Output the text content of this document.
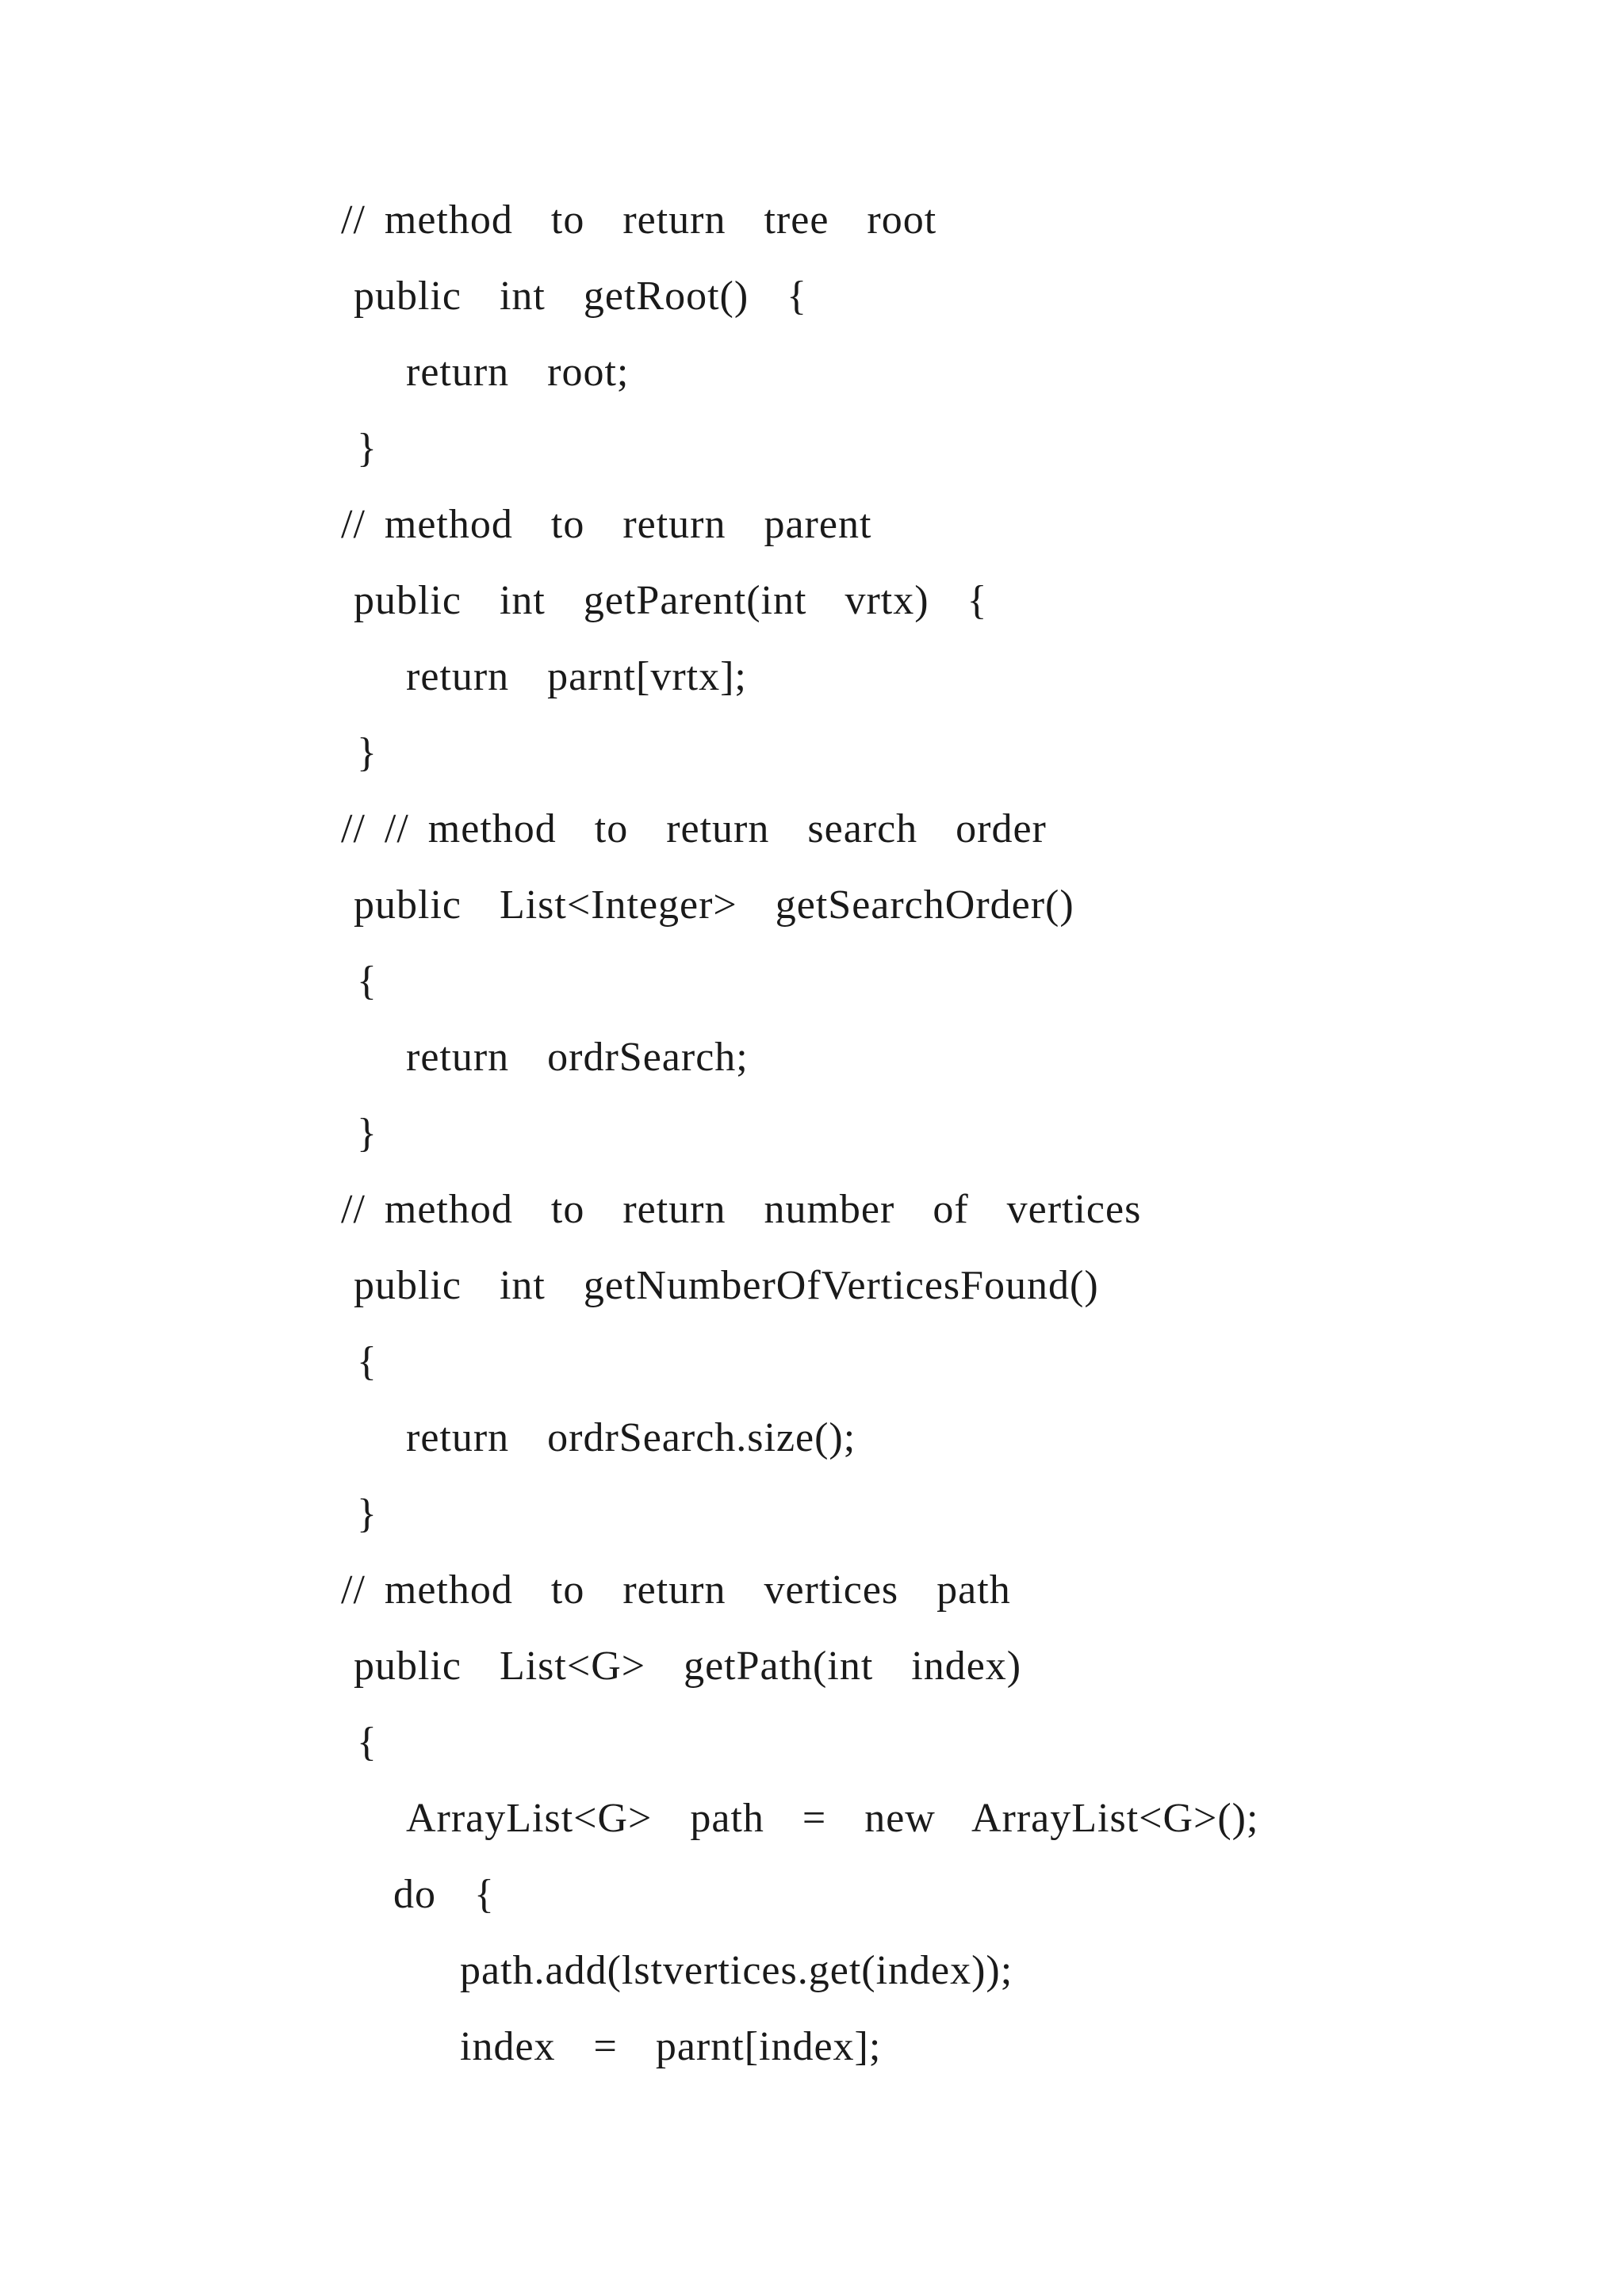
// method  to  return  tree  root
public  int  getRoot()  {
return  root;
}
// method  to  return  parent
public  int  getParent(int  vrtx)  {
return  parnt[vrtx];
}
// // method  to  return  search  order
public  List<Integer>  getSearchOrder()
{
return  ordrSearch;
}
// method  to  return  number  of  vertices
public  int  getNumberOfVerticesFound()
{
return  ordrSearch.size();
}
// method  to  return  vertices  path
public  List<G>  getPath(int  index)
{
ArrayList<G>  path  =  new  ArrayList<G>();
do  {
path.add(lstvertices.get(index));
index  =  parnt[index];
